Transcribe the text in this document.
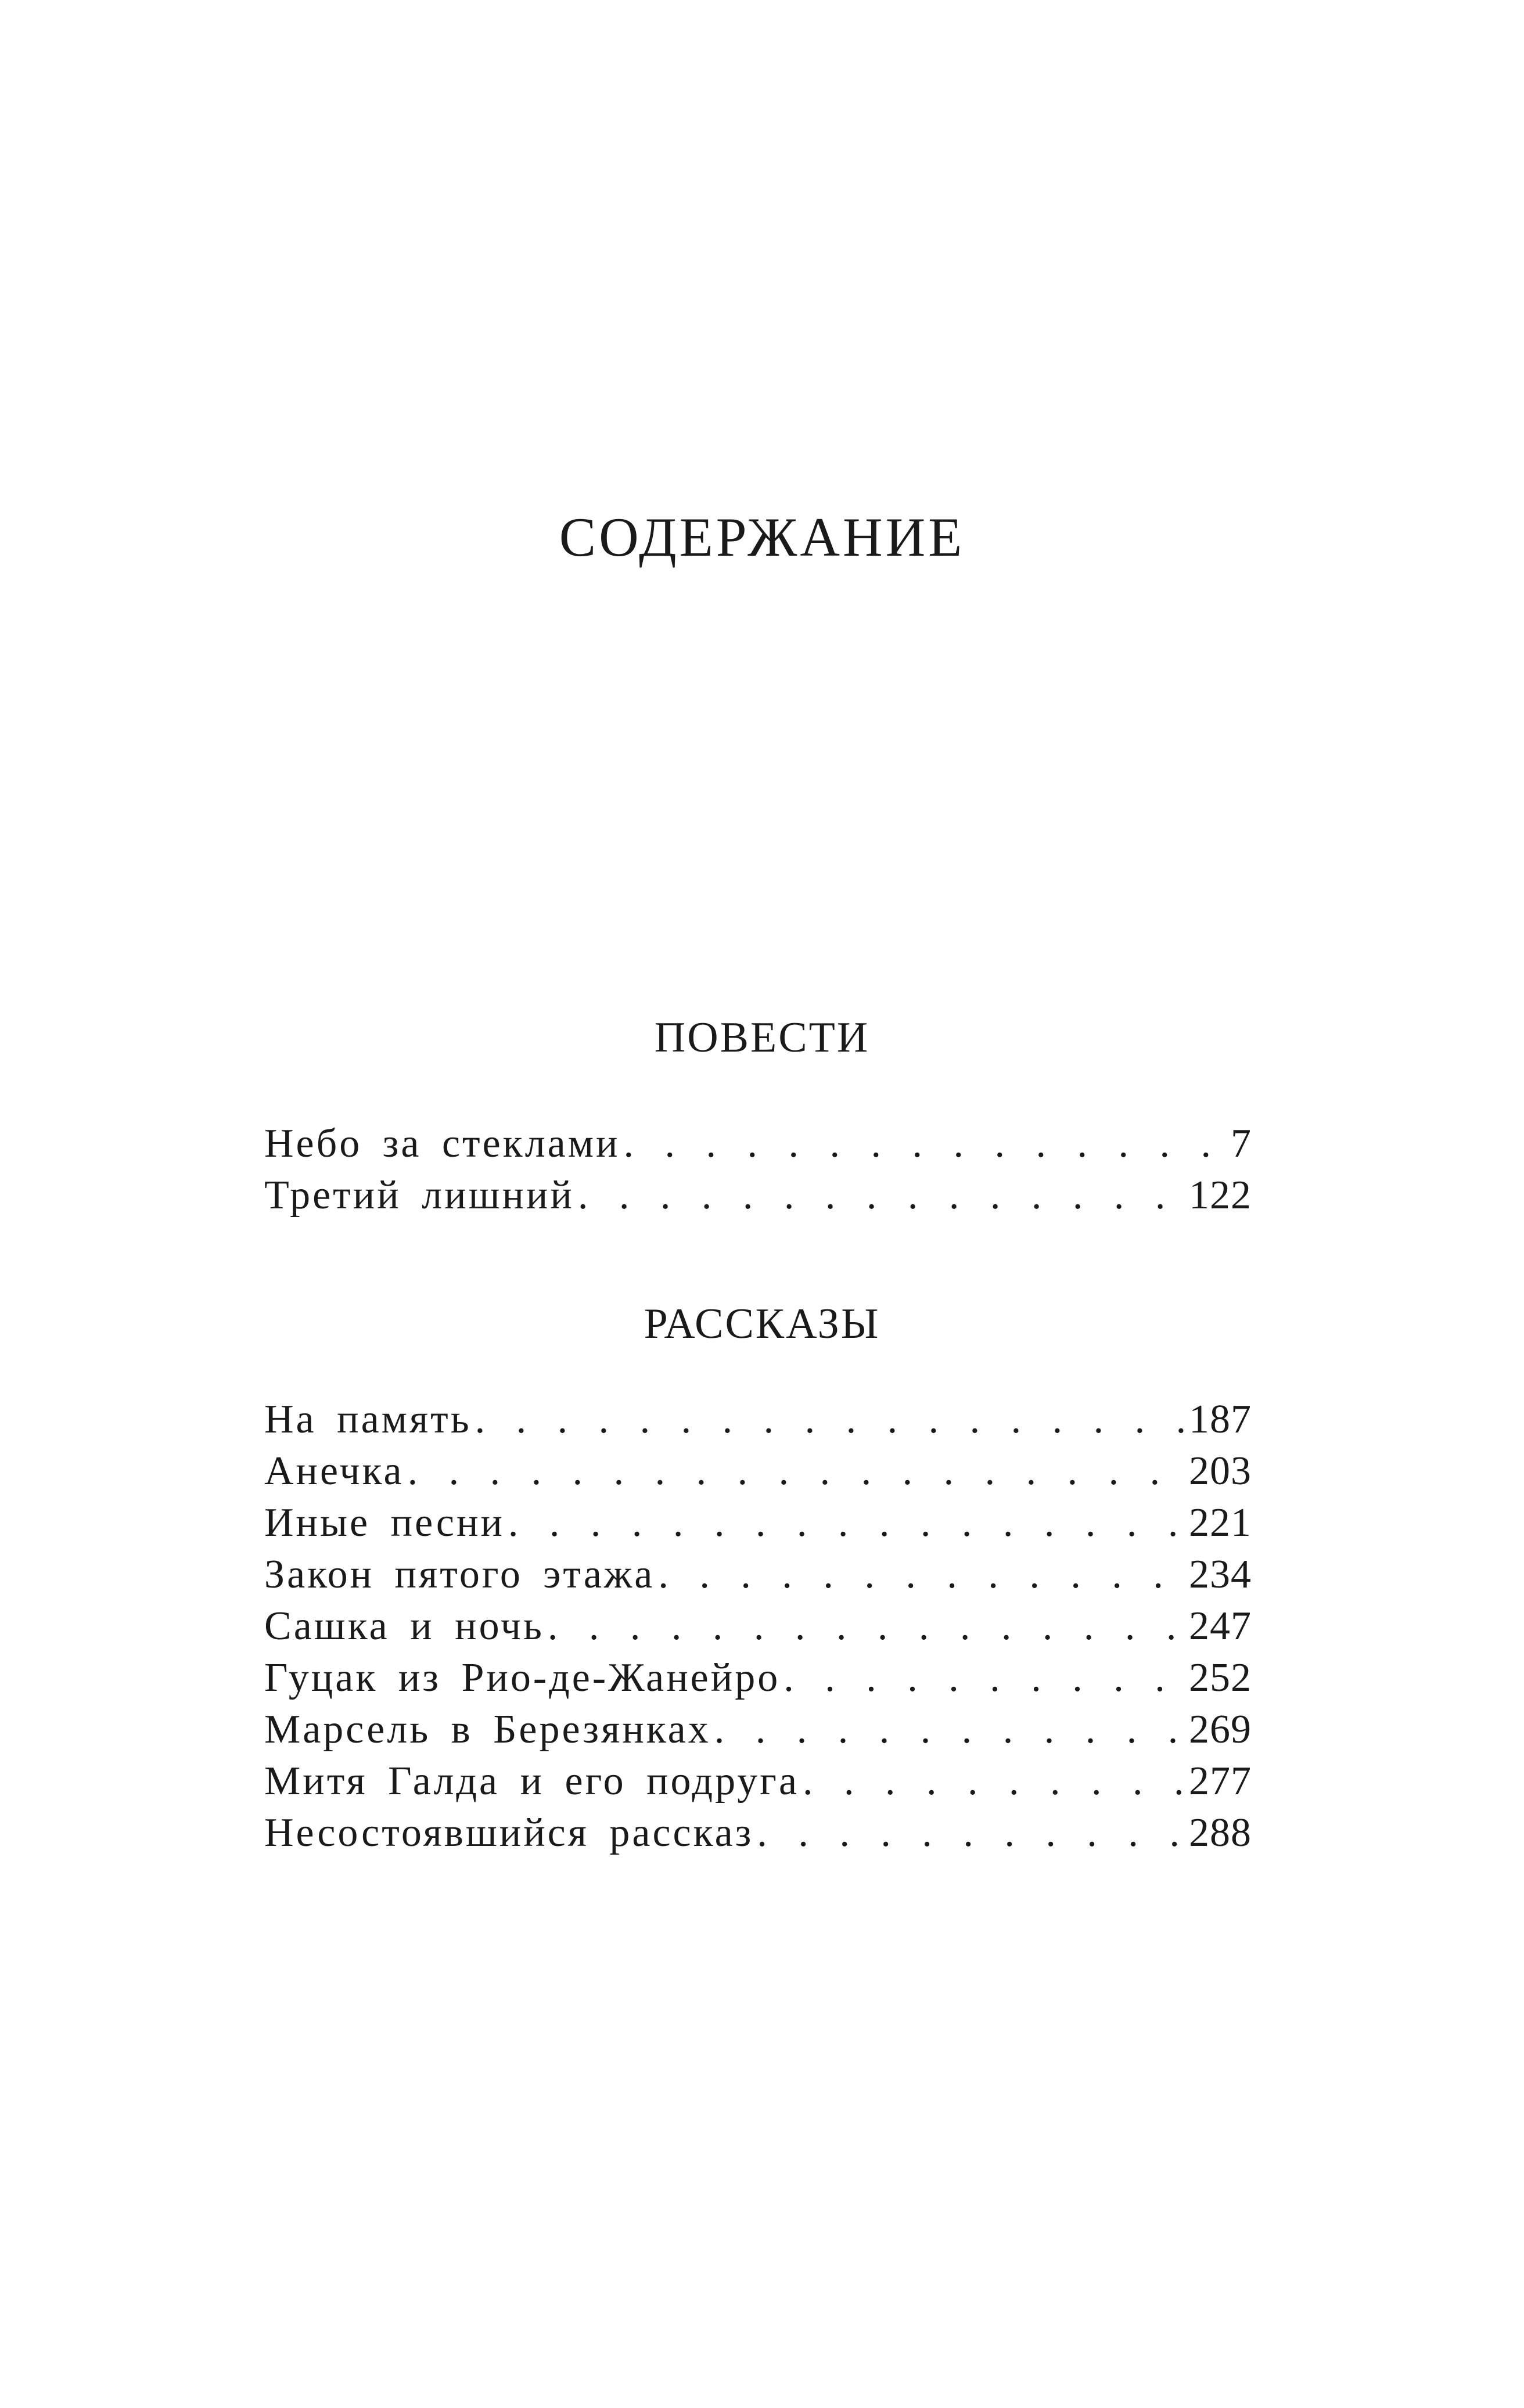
СОДЕРЖАНИЕ
ПОВЕСТИ
Небо за стеклами . . .	7
Третий лишний . . .	122
РАССКАЗЫ
На память . . .	187
Анечка . . .	203
Иные песни . . .	221
Закон пятого этажа . . .	234
Сашка и ночь . . .	247
Гуцак из Рио-де-Жанейро . . .	252
Марсель в Березянках . . .	269
Митя Галда и его подруга . . .	277
Несостоявшийся рассказ . . .	288
